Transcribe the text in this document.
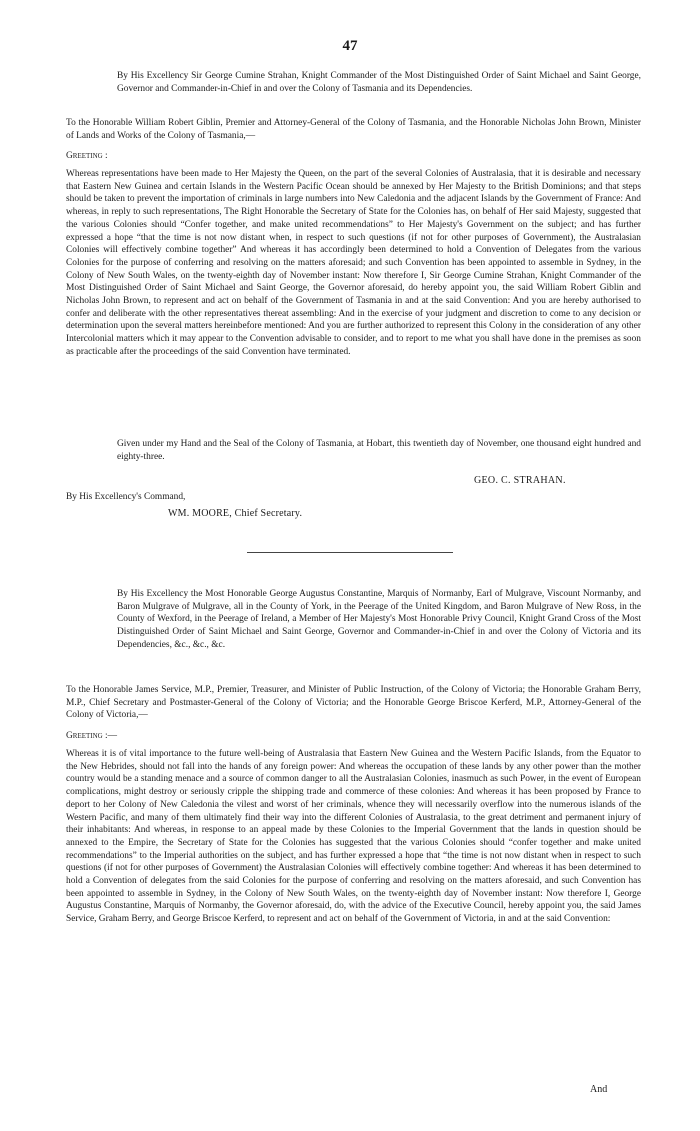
47
By His Excellency Sir George Cumine Strahan, Knight Commander of the Most Distinguished Order of Saint Michael and Saint George, Governor and Commander-in-Chief in and over the Colony of Tasmania and its Dependencies.
To the Honorable William Robert Giblin, Premier and Attorney-General of the Colony of Tasmania, and the Honorable Nicholas John Brown, Minister of Lands and Works of the Colony of Tasmania,—
Greeting :
Whereas representations have been made to Her Majesty the Queen, on the part of the several Colonies of Australasia, that it is desirable and necessary that Eastern New Guinea and certain Islands in the Western Pacific Ocean should be annexed by Her Majesty to the British Dominions; and that steps should be taken to prevent the importation of criminals in large numbers into New Caledonia and the adjacent Islands by the Government of France: And whereas, in reply to such representations, The Right Honorable the Secretary of State for the Colonies has, on behalf of Her said Majesty, suggested that the various Colonies should “Confer together, and make united recommendations” to Her Majesty's Government on the subject; and has further expressed a hope “that the time is not now distant when, in respect to such questions (if not for other purposes of Government), the Australasian Colonies will effectively combine together” And whereas it has accordingly been determined to hold a Convention of Delegates from the various Colonies for the purpose of conferring and resolving on the matters aforesaid; and such Convention has been appointed to assemble in Sydney, in the Colony of New South Wales, on the twenty-eighth day of November instant: Now therefore I, Sir George Cumine Strahan, Knight Commander of the Most Distinguished Order of Saint Michael and Saint George, the Governor aforesaid, do hereby appoint you, the said William Robert Giblin and Nicholas John Brown, to represent and act on behalf of the Government of Tasmania in and at the said Convention: And you are hereby authorised to confer and deliberate with the other representatives thereat assembling: And in the exercise of your judgment and discretion to come to any decision or determination upon the several matters hereinbefore mentioned: And you are further authorized to represent this Colony in the consideration of any other Intercolonial matters which it may appear to the Convention advisable to consider, and to report to me what you shall have done in the premises as soon as practicable after the proceedings of the said Convention have terminated.
Given under my Hand and the Seal of the Colony of Tasmania, at Hobart, this twentieth day of November, one thousand eight hundred and eighty-three.
GEO. C. STRAHAN.
By His Excellency's Command,
WM. MOORE, Chief Secretary.
By His Excellency the Most Honorable George Augustus Constantine, Marquis of Normanby, Earl of Mulgrave, Viscount Normanby, and Baron Mulgrave of Mulgrave, all in the County of York, in the Peerage of the United Kingdom, and Baron Mulgrave of New Ross, in the County of Wexford, in the Peerage of Ireland, a Member of Her Majesty's Most Honorable Privy Council, Knight Grand Cross of the Most Distinguished Order of Saint Michael and Saint George, Governor and Commander-in-Chief in and over the Colony of Victoria and its Dependencies, &c., &c., &c.
To the Honorable James Service, M.P., Premier, Treasurer, and Minister of Public Instruction, of the Colony of Victoria; the Honorable Graham Berry, M.P., Chief Secretary and Postmaster-General of the Colony of Victoria; and the Honorable George Briscoe Kerferd, M.P., Attorney-General of the Colony of Victoria,—
Greeting :—
Whereas it is of vital importance to the future well-being of Australasia that Eastern New Guinea and the Western Pacific Islands, from the Equator to the New Hebrides, should not fall into the hands of any foreign power: And whereas the occupation of these lands by any other power than the mother country would be a standing menace and a source of common danger to all the Australasian Colonies, inasmuch as such Power, in the event of European complications, might destroy or seriously cripple the shipping trade and commerce of these colonies: And whereas it has been proposed by France to deport to her Colony of New Caledonia the vilest and worst of her criminals, whence they will necessarily overflow into the numerous islands of the Western Pacific, and many of them ultimately find their way into the different Colonies of Australasia, to the great detriment and permanent injury of their inhabitants: And whereas, in response to an appeal made by these Colonies to the Imperial Government that the lands in question should be annexed to the Empire, the Secretary of State for the Colonies has suggested that the various Colonies should “confer together and make united recommendations” to the Imperial authorities on the subject, and has further expressed a hope that “the time is not now distant when in respect to such questions (if not for other purposes of Government) the Australasian Colonies will effectively combine together: And whereas it has been determined to hold a Convention of delegates from the said Colonies for the purpose of conferring and resolving on the matters aforesaid, and such Convention has been appointed to assemble in Sydney, in the Colony of New South Wales, on the twenty-eighth day of November instant: Now therefore I, George Augustus Constantine, Marquis of Normanby, the Governor aforesaid, do, with the advice of the Executive Council, hereby appoint you, the said James Service, Graham Berry, and George Briscoe Kerferd, to represent and act on behalf of the Government of Victoria, in and at the said Convention:
And
